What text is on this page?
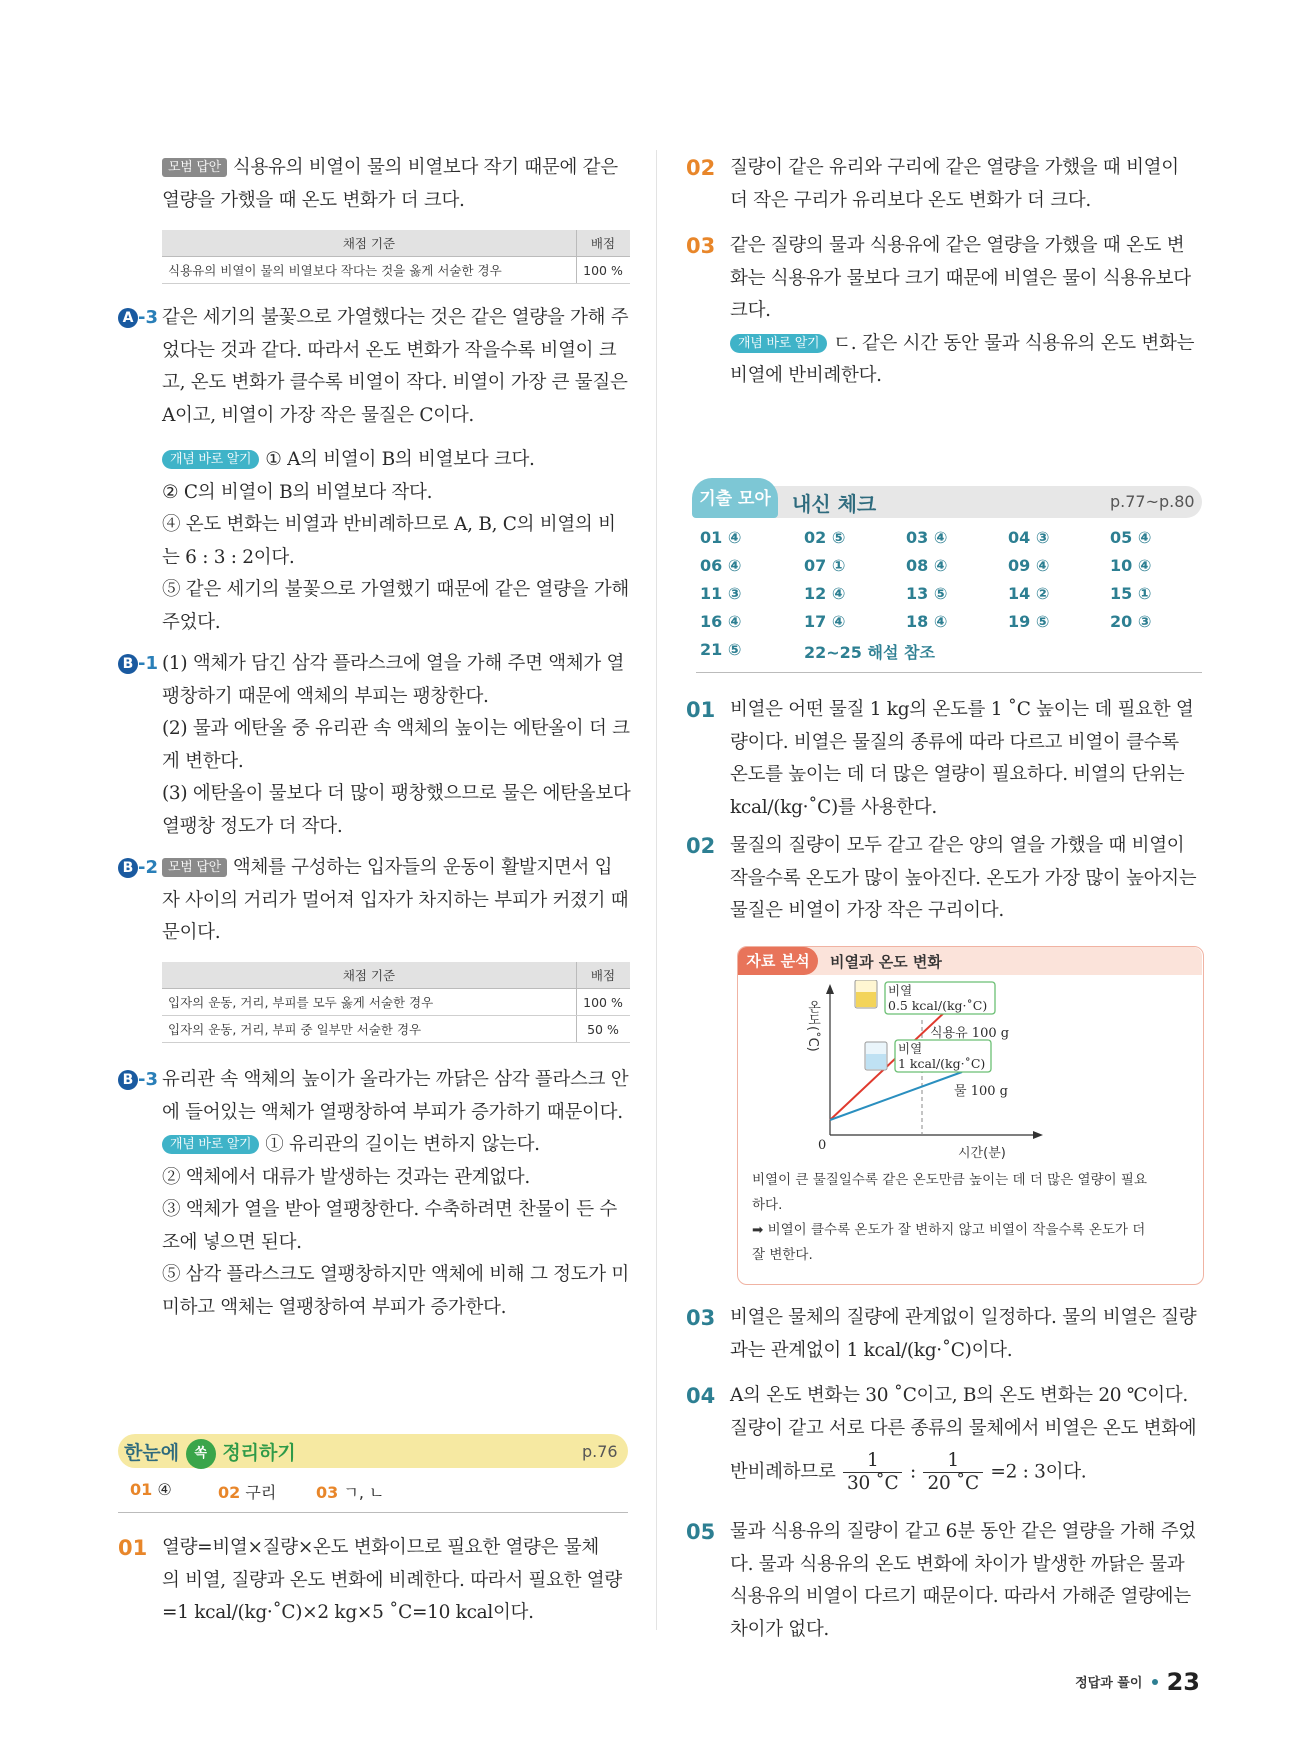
모범 답안 식용유의 비열이 물의 비열보다 작기 때문에 같은
열량을 가했을 때 온도 변화가 더 크다.
채점 기준	배점
식용유의 비열이 물의 비열보다 작다는 것을 옳게 서술한 경우	100 %
A -3 같은 세기의 불꽃으로 가열했다는 것은 같은 열량을 가해 주
었다는 것과 같다. 따라서 온도 변화가 작을수록 비열이 크
고, 온도 변화가 클수록 비열이 작다. 비열이 가장 큰 물질은
A이고, 비열이 가장 작은 물질은 C이다.
개념 바로 알기 ① A의 비열이 B의 비열보다 크다.
② C의 비열이 B의 비열보다 작다.
④ 온도 변화는 비열과 반비례하므로 A, B, C의 비열의 비
는 6 : 3 : 2이다.
⑤ 같은 세기의 불꽃으로 가열했기 때문에 같은 열량을 가해
주었다.
B -1 (1) 액체가 담긴 삼각 플라스크에 열을 가해 주면 액체가 열
팽창하기 때문에 액체의 부피는 팽창한다.
(2) 물과 에탄올 중 유리관 속 액체의 높이는 에탄올이 더 크
게 변한다.
(3) 에탄올이 물보다 더 많이 팽창했으므로 물은 에탄올보다
열팽창 정도가 더 작다.
B -2 모범 답안 액체를 구성하는 입자들의 운동이 활발지면서 입
자 사이의 거리가 멀어져 입자가 차지하는 부피가 커졌기 때
문이다.
채점 기준	배점
입자의 운동, 거리, 부피를 모두 옳게 서술한 경우	100 %
입자의 운동, 거리, 부피 중 일부만 서술한 경우	50 %
B -3 유리관 속 액체의 높이가 올라가는 까닭은 삼각 플라스크 안
에 들어있는 액체가 열팽창하여 부피가 증가하기 때문이다.
개념 바로 알기 ① 유리관의 길이는 변하지 않는다.
② 액체에서 대류가 발생하는 것과는 관계없다.
③ 액체가 열을 받아 열팽창한다. 수축하려면 찬물이 든 수
조에 넣으면 된다.
⑤ 삼각 플라스크도 열팽창하지만 액체에 비해 그 정도가 미
미하고 액체는 열팽창하여 부피가 증가한다.
한눈에 쏙 정리하기	p.76
01 ④	02 구리 03 ㄱ, ㄴ
01 열량=비열×질량×온도 변화이므로 필요한 열량은 물체
의 비열, 질량과 온도 변화에 비례한다. 따라서 필요한 열량
=1 kcal/(kg·˚C)×2 kg×5 ˚C=10 kcal이다.
02 질량이 같은 유리와 구리에 같은 열량을 가했을 때 비열이
더 작은 구리가 유리보다 온도 변화가 더 크다.
03 같은 질량의 물과 식용유에 같은 열량을 가했을 때 온도 변
화는 식용유가 물보다 크기 때문에 비열은 물이 식용유보다
크다.
개념 바로 알기 ㄷ. 같은 시간 동안 물과 식용유의 온도 변화는
비열에 반비례한다.
기출 모아	내신 체크	p.77~p.80
01 ④	02 ⑤	03 ④	04 ③	05 ④
06 ④	07 ①	08 ④	09 ④	10 ④
11 ③	12 ④	13 ⑤	14 ②	15 ①
16 ④	17 ④	18 ④	19 ⑤	20 ③
21 ⑤	22~25 해설 참조
01 비열은 어떤 물질 1 kg의 온도를 1 ˚C 높이는 데 필요한 열
량이다. 비열은 물질의 종류에 따라 다르고 비열이 클수록
온도를 높이는 데 더 많은 열량이 필요하다. 비열의 단위는
kcal/(kg·˚C)를 사용한다.
02 물질의 질량이 모두 같고 같은 양의 열을 가했을 때 비열이
작을수록 온도가 많이 높아진다. 온도가 가장 많이 높아지는
물질은 비열이 가장 작은 구리이다.
자료 분석	비열과 온도 변화
온도(˚C)
0
시간(분)
식용유 100 g
비열
0.5 kcal/(kg·˚C)
물 100 g
비열
1 kcal/(kg·˚C)
비열이 큰 물질일수록 같은 온도만큼 높이는 데 더 많은 열량이 필요
하다.
➡ 비열이 클수록 온도가 잘 변하지 않고 비열이 작을수록 온도가 더
잘 변한다.
03 비열은 물체의 질량에 관계없이 일정하다. 물의 비열은 질량
과는 관계없이 1 kcal/(kg·˚C)이다.
04 A의 온도 변화는 30 ˚C이고, B의 온도 변화는 20 ℃이다.
질량이 같고 서로 다른 종류의 물체에서 비열은 온도 변화에
반비례하므로 $\frac{1}{30 ˚C}$ : $\frac{1}{20 ˚C} =2$ : 3이다.
05 물과 식용유의 질량이 같고 6분 동안 같은 열량을 가해 주었
다. 물과 식용유의 온도 변화에 차이가 발생한 까닭은 물과
식용유의 비열이 다르기 때문이다. 따라서 가해준 열량에는
차이가 없다.
정답과 풀이 23
